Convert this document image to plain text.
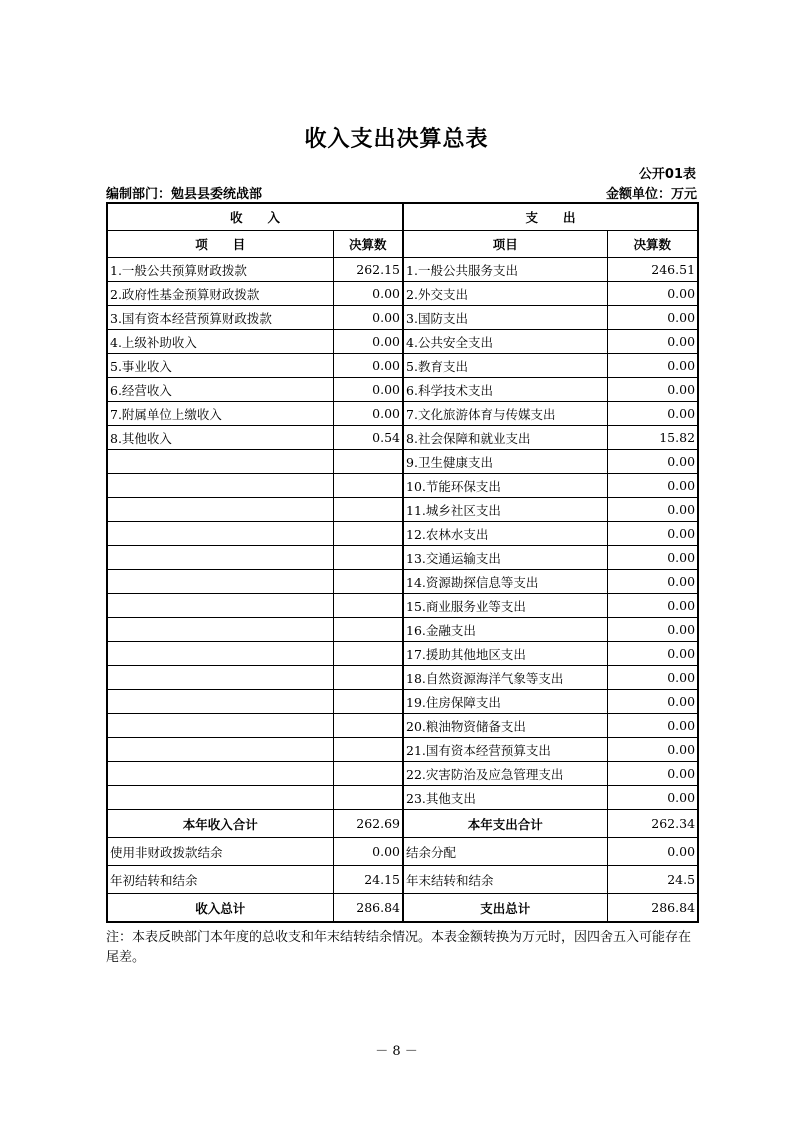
收入支出决算总表
公开01表
编制部门：勉县县委统战部	金额单位：万元
收　　入		支　　出	
项　　目	决算数	项目	决算数
1.一般公共预算财政拨款	262.15	1.一般公共服务支出	246.51
2.政府性基金预算财政拨款	0.00	2.外交支出	0.00
3.国有资本经营预算财政拨款	0.00	3.国防支出	0.00
4.上级补助收入	0.00	4.公共安全支出	0.00
5.事业收入	0.00	5.教育支出	0.00
6.经营收入	0.00	6.科学技术支出	0.00
7.附属单位上缴收入	0.00	7.文化旅游体育与传媒支出	0.00
8.其他收入	0.54	8.社会保障和就业支出	15.82
		9.卫生健康支出	0.00
		10.节能环保支出	0.00
		11.城乡社区支出	0.00
		12.农林水支出	0.00
		13.交通运输支出	0.00
		14.资源勘探信息等支出	0.00
		15.商业服务业等支出	0.00
		16.金融支出	0.00
		17.援助其他地区支出	0.00
		18.自然资源海洋气象等支出	0.00
		19.住房保障支出	0.00
		20.粮油物资储备支出	0.00
		21.国有资本经营预算支出	0.00
		22.灾害防治及应急管理支出	0.00
		23.其他支出	0.00
本年收入合计	262.69	本年支出合计	262.34
使用非财政拨款结余	0.00	结余分配	0.00
年初结转和结余	24.15	年末结转和结余	24.5
收入总计	286.84	支出总计	286.84
注：本表反映部门本年度的总收支和年末结转结余情况。本表金额转换为万元时，因四舍五入可能存在尾差。
－ 8 －
